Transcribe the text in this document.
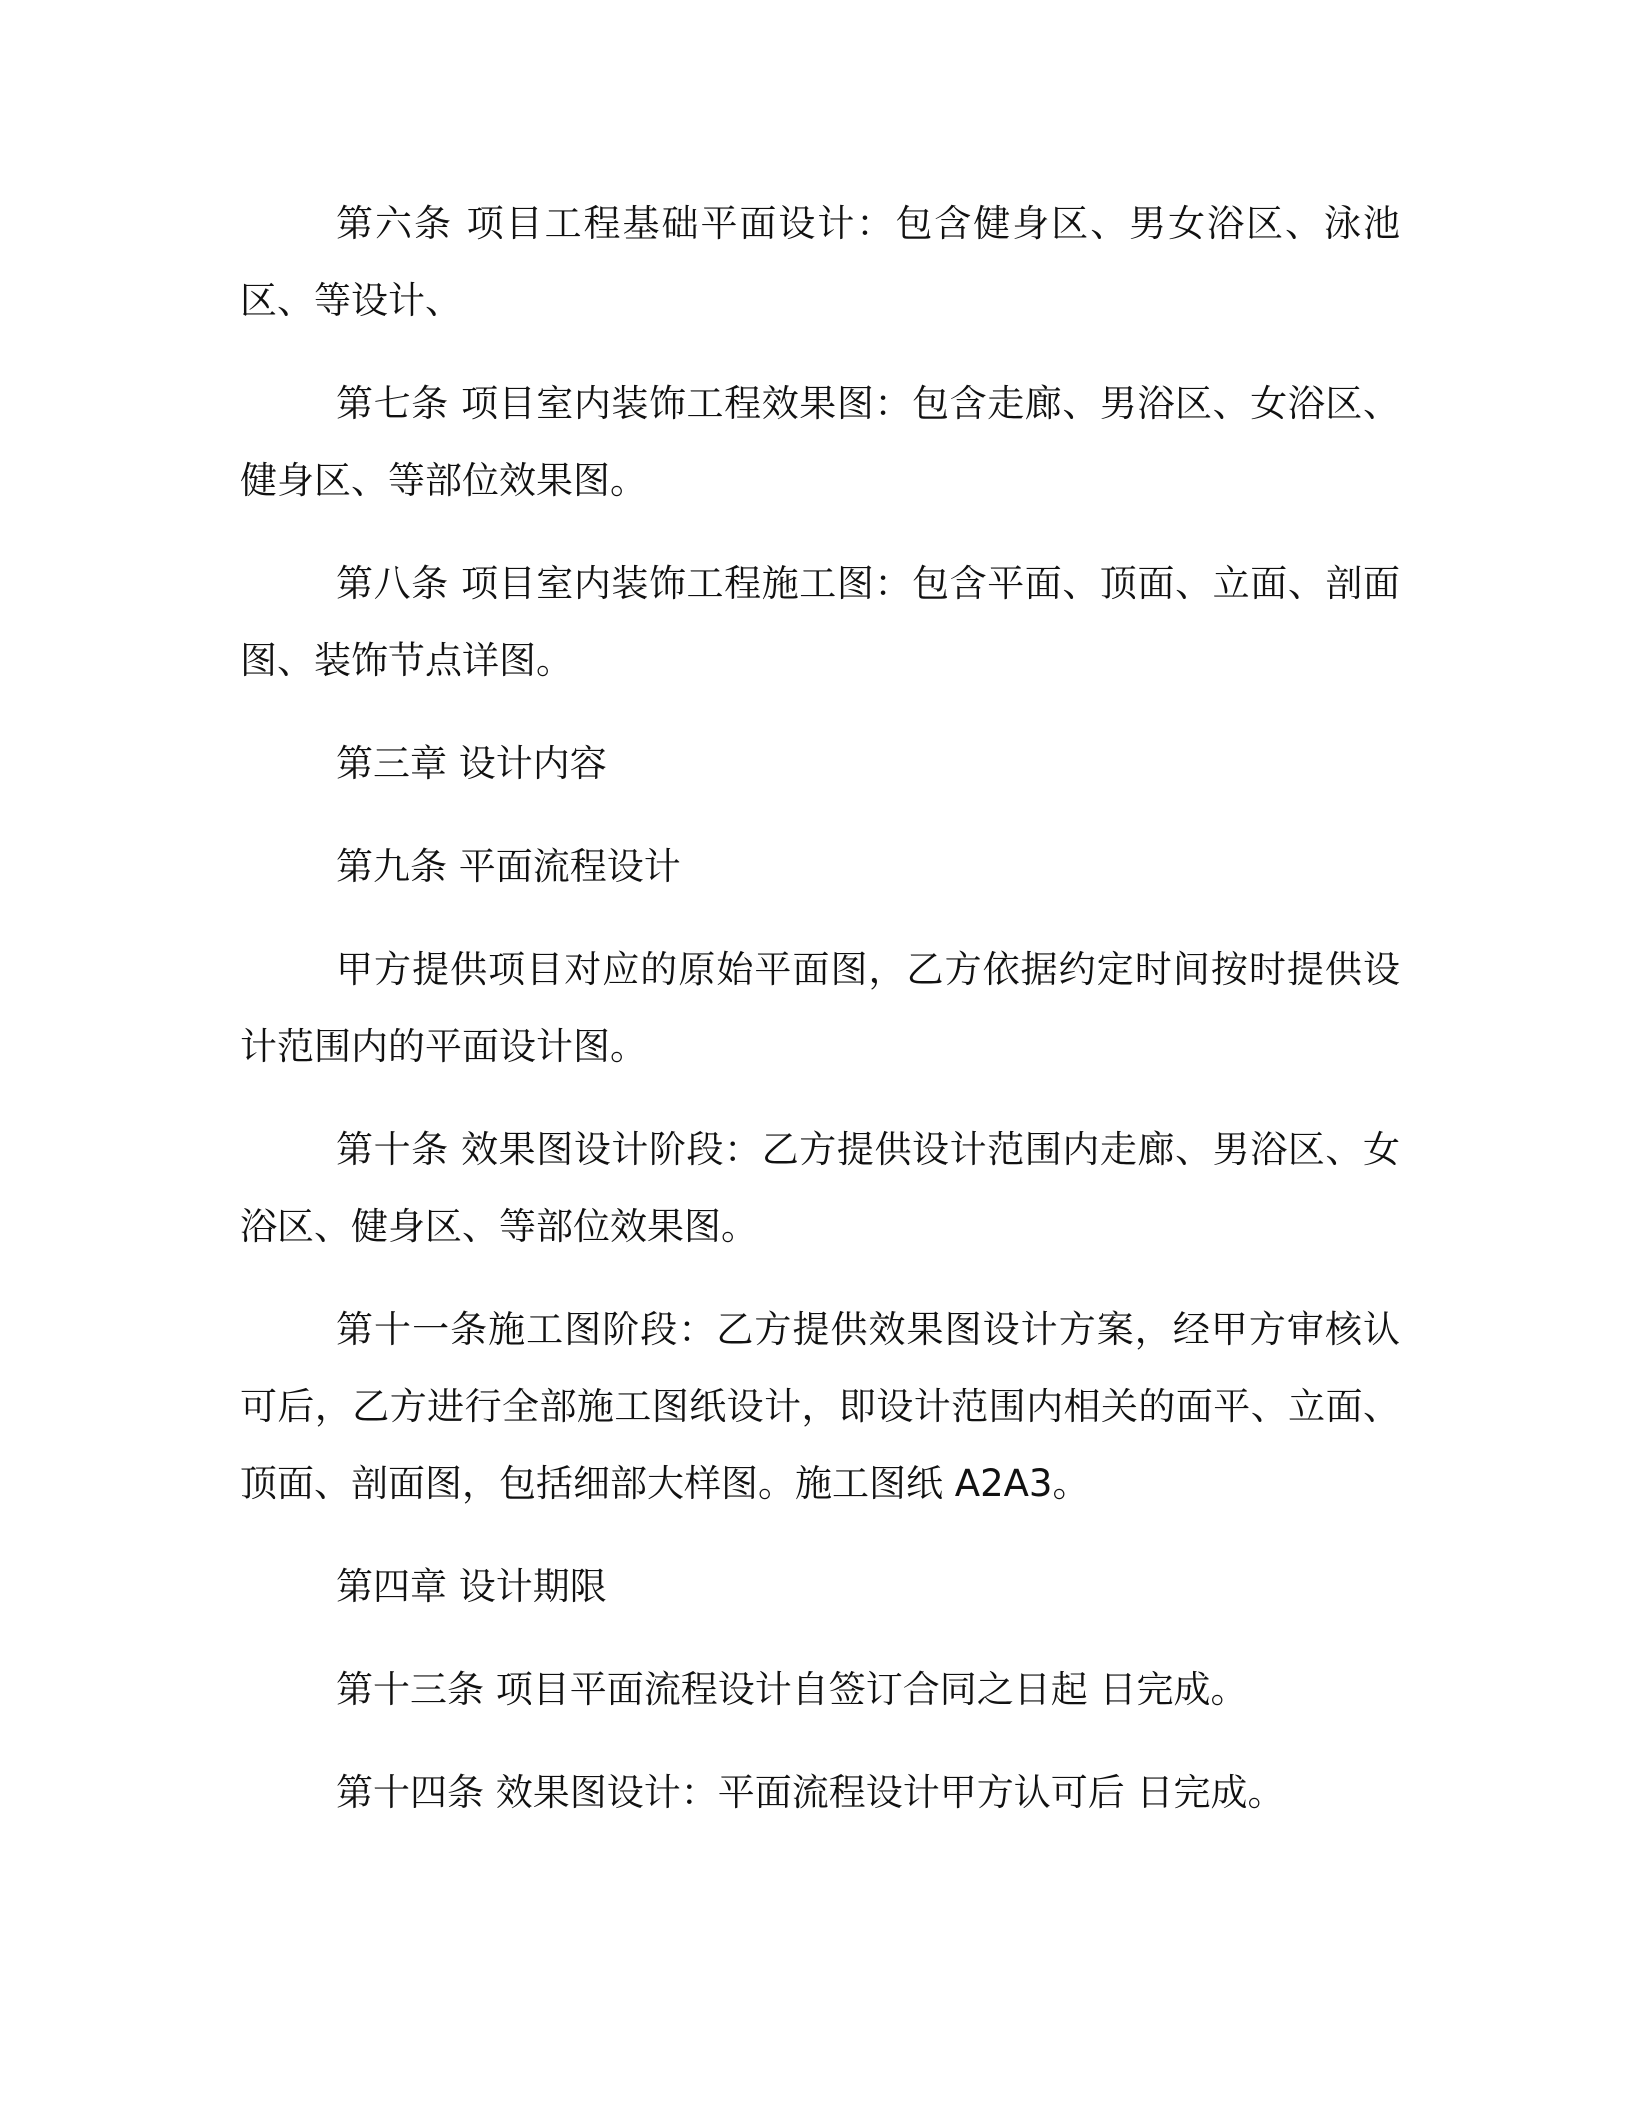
第六条 项目工程基础平面设计：包含健身区、男女浴区、泳池区、等设计、

第七条 项目室内装饰工程效果图：包含走廊、男浴区、女浴区、健身区、等部位效果图。

第八条 项目室内装饰工程施工图：包含平面、顶面、立面、剖面图、装饰节点详图。

第三章 设计内容

第九条 平面流程设计

甲方提供项目对应的原始平面图，乙方依据约定时间按时提供设计范围内的平面设计图。

第十条 效果图设计阶段：乙方提供设计范围内走廊、男浴区、女浴区、健身区、等部位效果图。

第十一条施工图阶段：乙方提供效果图设计方案，经甲方审核认可后，乙方进行全部施工图纸设计，即设计范围内相关的面平、立面、顶面、剖面图，包括细部大样图。施工图纸 A2A3。

第四章 设计期限

第十三条 项目平面流程设计自签订合同之日起 日完成。

第十四条 效果图设计：平面流程设计甲方认可后 日完成。
